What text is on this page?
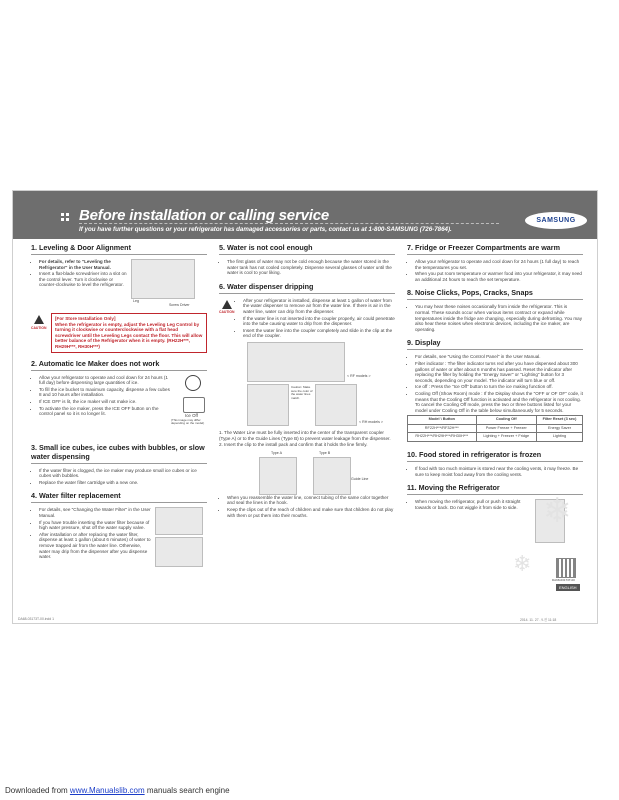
Before installation or calling service
If you have further questions or your refrigerator has damaged accessories or parts, contact us at 1-800-SAMSUNG (726-7864).
SAMSUNG
1. Leveling & Door Alignment
• For details, refer to "Leveling the Refrigerator" in the User Manual.
• Insert a flat-blade screwdriver into a slot on the control lever. Turn it clockwise or counter-clockwise to level the refrigerator.
Leg
Screw Driver
CAUTION
[For Store Installation Only]
When the refrigerator is empty, adjust the Leveling Leg Control by turning it clockwise or counterclockwise with a flat head screwdriver until the Leveling Legs contact the floor. This will allow better balance of the Refrigerator when it is empty. (RH22H***, RH29H***, RH30H***)
2. Automatic Ice Maker does not work
• Allow your refrigerator to operate and cool down for 24 hours (1 full day) before dispensing large quantities of ice.
• To fill the ice bucket to maximum capacity, dispense a few cubes 8 and 10 hours after installation.
• If ICE OFF is lit, the ice maker will not make ice.
• To activate the ice maker, press the ICE OFF button on the control panel so it is no longer lit.	Ice Off
(This image may differ depending on the model)
3. Small ice cubes, ice cubes with bubbles, or slow water dispensing
• If the water filter is clogged, the ice maker may produce small ice cubes or ice cubes with bubbles.
• Replace the water filter cartridge with a new one.
4. Water filter replacement
• For details, see "Changing the Water Filter" in the User Manual.
• If you have trouble inserting the water filter because of high water pressure, shut off the water supply valve.
• After installation or after replacing the water filter, dispense at least 1 gallon (about 6 minutes) of water to remove trapped air from the water line. Otherwise, water may drip from the dispenser after you dispense water.
5. Water is not cool enough
• The first glass of water may not be cold enough because the water stored in the water tank has not cooled completely. Dispense several glasses of water until the water is cool to your liking.
6. Water dispenser dripping
CAUTION
• After your refrigerator is installed, dispense at least 1 gallon of water from the water dispenser to remove air from the water line. If there is air in the water line, water can drip from the dispenser.
• If the water line is not inserted into the coupler properly, air could penetrate into the tube causing water to drip from the dispenser.
• Insert the water line into the coupler completely and slide in the clip at the end of the coupler.
< RF models >
Caution: Make sure the color of the water lines match.
< RH models >

1. The Water Line must be fully inserted into the center of the transparent coupler (Type A) or to the Guide Lines (Type B) to prevent water leakage from the dispenser.

2. Insert the clip to the install pack and confirm that it holds the line firmly.

Type A	Type B
Guide Line
• When you reassemble the water line, connect tubing of the same color together and seal the lines in the hook.
• Keep the clips out of the reach of children and make sure that children do not play with them or put them into their mouths.
7. Fridge or Freezer Compartments are warm
• Allow your refrigerator to operate and cool down for 24 hours (1 full day) to reach the temperatures you set.
• When you put room temperature or warmer food into your refrigerator, it may need an additional 24 hours to reach the set temperature.
8. Noise Clicks, Pops, Cracks, Snaps
• You may hear these noises occasionally from inside the refrigerator. This is normal. These sounds occur when various items contract or expand while temperatures inside the fridge are changing, especially during defrosting. You may also hear these noises when electronic devices, including the ice maker, are operating.
9. Display
• For details, see "Using the Control Panel" in the User Manual.
• Filter indicator : The filter indicator turns red after you have dispensed about 300 gallons of water or after about 6 months has passed. Reset the indicator after replacing the filter by holding the "Energy Saver" or "Lighting" button for 3 seconds, depending on your model. The indicator will turn blue or off.
• Ice off : Press the "Ice Off" button to turn the ice making function off.
• Cooling Off (Show Room) mode : If the Display shows the "OFF or OF OF" code, it means that the Cooling Off function is activated and the refrigerator is not cooling. To cancel the Cooling Off mode, press the two or three buttons listed for your model under Cooling Off in the table below simultaneously for 5 seconds.
Model \ Button	Cooling Off	Filter Reset (3 sec)
RF22H***/RF32H***	Power Freeze + Freezer	Energy Saver
RH22H***/RH29H***/RH30H***	Lighting + Freezer + Fridge	Lighting
10. Food stored in refrigerator is frozen
• If food with too much moisture is stored near the cooling vents, it may freeze. Be sure to keep moist food away from the cooling vents.
11. Moving the Refrigerator
• When moving the refrigerator, pull or push it straight towards or back. Do not wiggle it from side to side. ❄
❄
DA68-03173T-00
ENGLISH
DA68-03173T-00.indd 1	2014. 11. 27. 오전 11:18
Downloaded from www.Manualslib.com manuals search engine
